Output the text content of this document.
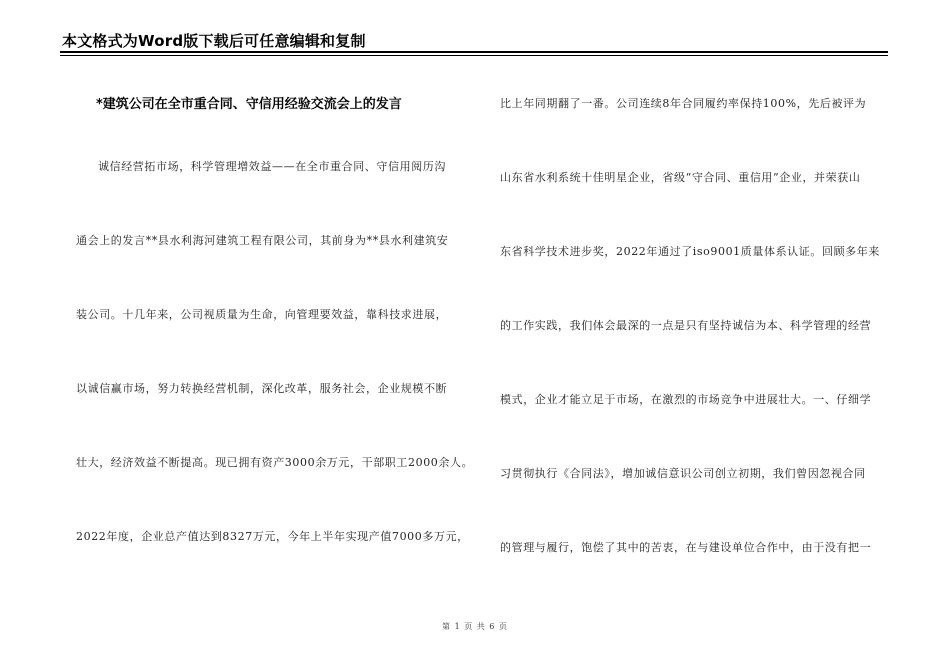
本文格式为Word版下载后可任意编辑和复制
*建筑公司在全市重合同、守信用经验交流会上的发言
诚信经营拓市场，科学管理增效益——在全市重合同、守信用阅历沟
通会上的发言**县水利海河建筑工程有限公司，其前身为**县水利建筑安
装公司。十几年来，公司视质量为生命，向管理要效益，靠科技求进展，
以诚信赢市场，努力转换经营机制，深化改革，服务社会，企业规模不断
壮大，经济效益不断提高。现已拥有资产3000余万元，干部职工2000余人。
2022年度，企业总产值达到8327万元，今年上半年实现产值7000多万元，
比上年同期翻了一番。公司连续8年合同履约率保持100%，先后被评为
山东省水利系统十佳明星企业，省级“守合同、重信用”企业，并荣获山
东省科学技术进步奖，2022年通过了iso9001质量体系认证。回顾多年来
的工作实践，我们体会最深的一点是只有坚持诚信为本、科学管理的经营
模式，企业才能立足于市场，在激烈的市场竞争中进展壮大。一、仔细学
习贯彻执行《合同法》，增加诚信意识公司创立初期，我们曾因忽视合同
的管理与履行，饱偿了其中的苦衷，在与建设单位合作中，由于没有把一
第 1 页 共 6 页
